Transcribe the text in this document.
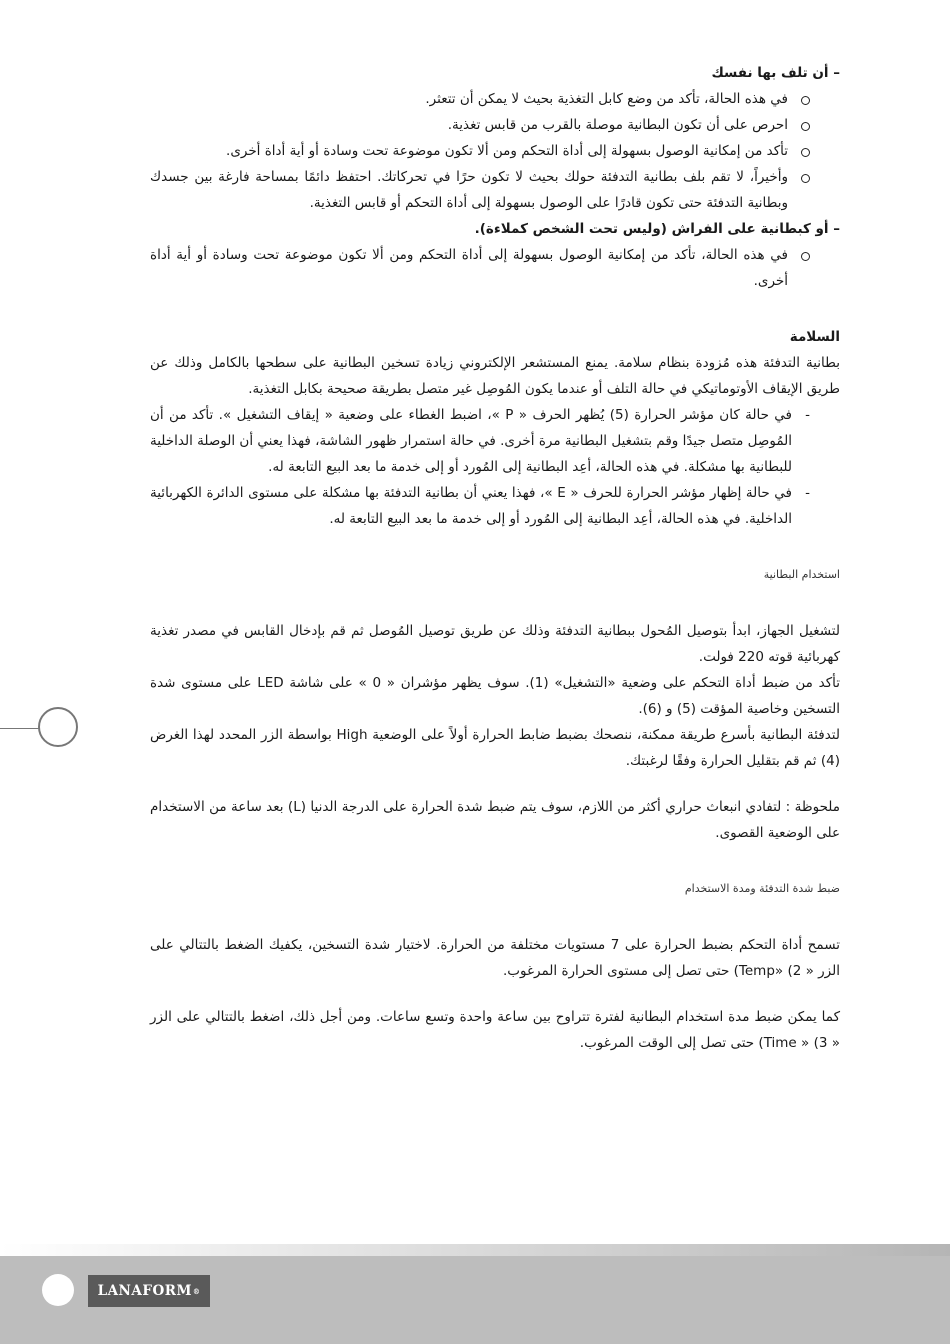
– أن تلف بها نفسك

في هذه الحالة، تأكد من وضع كابل التغذية بحيث لا يمكن أن تتعثر.
احرص على أن تكون البطانية موصلة بالقرب من قابس تغذية.
تأكد من إمكانية الوصول بسهولة إلى أداة التحكم ومن ألا تكون موضوعة تحت وسادة أو أية أداة أخرى.
وأخيراً، لا تقم بلف بطانية التدفئة حولك بحيث لا تكون حرًا في تحركاتك. احتفظ دائمًا بمساحة فارغة بين جسدك وبطانية التدفئة حتى تكون قادرًا على الوصول بسهولة إلى أداة التحكم أو قابس التغذية.

– أو كبطانية على الفراش (وليس تحت الشخص كملاءة).

في هذه الحالة، تأكد من إمكانية الوصول بسهولة إلى أداة التحكم ومن ألا تكون موضوعة تحت وسادة أو أية أداة أخرى.

السلامة

بطانية التدفئة هذه مُزودة بنظام سلامة. يمنع المستشعر الإلكتروني زيادة تسخين البطانية على سطحها بالكامل وذلك عن طريق الإيقاف الأوتوماتيكي في حالة التلف أو عندما يكون المُوصِل غير متصل بطريقة صحيحة بكابل التغذية.

- في حالة كان مؤشر الحرارة (5) يُظهر الحرف « P »، اضبط الغطاء على وضعية « إيقاف التشغيل ». تأكد من أن المُوصِل متصل جيدًا وقم بتشغيل البطانية مرة أخرى. في حالة استمرار ظهور الشاشة، فهذا يعني أن الوصلة الداخلية للبطانية بها مشكلة. في هذه الحالة، أعِد البطانية إلى المُورد أو إلى خدمة ما بعد البيع التابعة له.
- في حالة إظهار مؤشر الحرارة للحرف « E »، فهذا يعني أن بطانية التدفئة بها مشكلة على مستوى الدائرة الكهربائية الداخلية. في هذه الحالة، أعِد البطانية إلى المُورد أو إلى خدمة ما بعد البيع التابعة له.

استخدام البطانية

لتشغيل الجهاز، ابدأ بتوصيل المُحول ببطانية التدفئة وذلك عن طريق توصيل المُوصل ثم قم بإدخال القابس في مصدر تغذية كهربائية قوته 220 فولت.

تأكد من ضبط أداة التحكم على وضعية «التشغيل» (1). سوف يظهر مؤشران « 0 » على شاشة LED على مستوى شدة التسخين وخاصية المؤقت (5) و (6).

لتدفئة البطانية بأسرع طريقة ممكنة، ننصحك بضبط ضابط الحرارة أولاً على الوضعية High بواسطة الزر المحدد لهذا الغرض (4) ثم قم بتقليل الحرارة وفقًا لرغبتك.

ملحوظة : لتفادي انبعاث حراري أكثر من اللازم، سوف يتم ضبط شدة الحرارة على الدرجة الدنيا (L) بعد ساعة من الاستخدام على الوضعية القصوى.

ضبط شدة التدفئة ومدة الاستخدام

تسمح أداة التحكم بضبط الحرارة على 7 مستويات مختلفة من الحرارة. لاختيار شدة التسخين، يكفيك الضغط بالتتالي على الزر « 2) «Temp) حتى تصل إلى مستوى الحرارة المرغوب.

كما يمكن ضبط مدة استخدام البطانية لفترة تتراوح بين ساعة واحدة وتسع ساعات. ومن أجل ذلك، اضغط بالتتالي على الزر « 3) « Time) حتى تصل إلى الوقت المرغوب.

LANAFORM ®
